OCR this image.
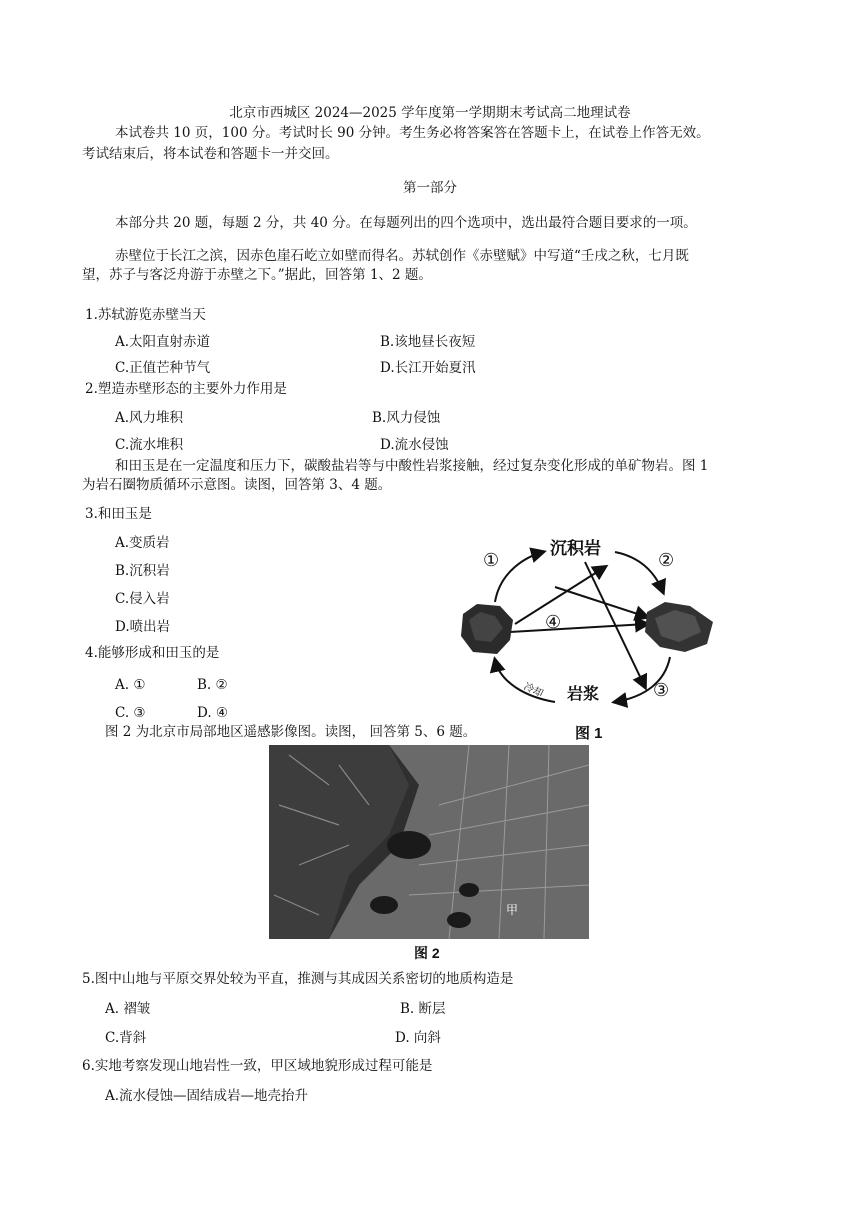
北京市西城区 2024—2025 学年度第一学期期末考试高二地理试卷
本试卷共 10 页，100 分。考试时长 90 分钟。考生务必将答案答在答题卡上，在试卷上作答无效。
考试结束后，将本试卷和答题卡一并交回。
第一部分
本部分共 20 题，每题 2 分，共 40 分。在每题列出的四个选项中，选出最符合题目要求的一项。
赤壁位于长江之滨，因赤色崖石屹立如壁而得名。苏轼创作《赤壁赋》中写道“壬戌之秋，七月既
望，苏子与客泛舟游于赤壁之下。”据此，回答第 1、2 题。
1.苏轼游览赤壁当天
A.太阳直射赤道	B.该地昼长夜短
C.正值芒种节气	D.长江开始夏汛
2.塑造赤壁形态的主要外力作用是
A.风力堆积	B.风力侵蚀
C.流水堆积	D.流水侵蚀
和田玉是在一定温度和压力下，碳酸盐岩等与中酸性岩浆接触，经过复杂变化形成的单矿物岩。图 1
为岩石圈物质循环示意图。读图，回答第 3、4 题。
3.和田玉是
A.变质岩
B.沉积岩
C.侵入岩
D.喷出岩
4.能够形成和田玉的是
A. ①	B. ②
C. ③	D. ④
沉积岩
岩浆
冷却
①	②
③
④
图 1
图 2 为北京市局部地区遥感影像图。读图， 回答第 5、6 题。
甲
图 2
5.图中山地与平原交界处较为平直，推测与其成因关系密切的地质构造是
A. 褶皱	B. 断层
C.背斜	D. 向斜
6.实地考察发现山地岩性一致，甲区域地貌形成过程可能是
A.流水侵蚀—固结成岩—地壳抬升
